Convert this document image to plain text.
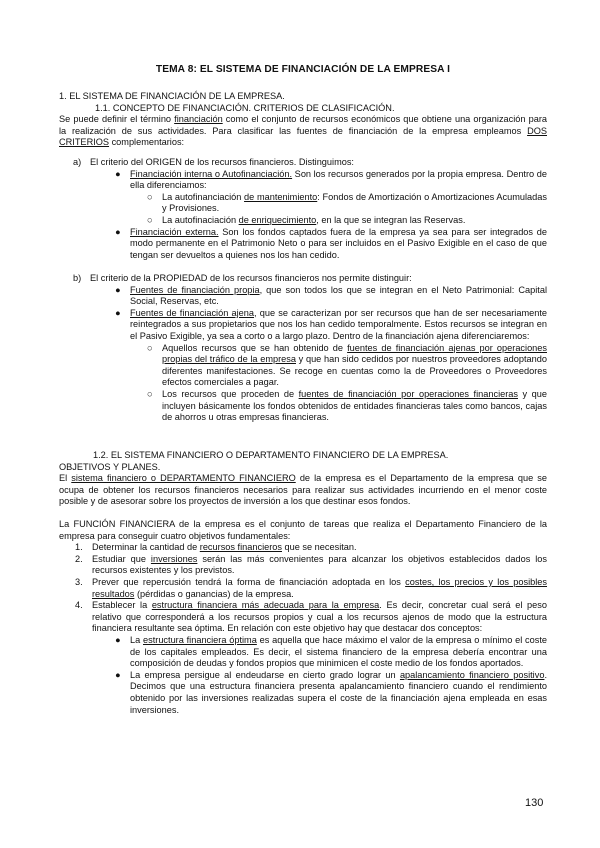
TEMA 8: EL SISTEMA DE FINANCIACIÓN DE LA EMPRESA I

1. EL SISTEMA DE FINANCIACIÓN DE LA EMPRESA.

1.1. CONCEPTO DE FINANCIACIÓN. CRITERIOS DE CLASIFICACIÓN.

Se puede definir el término financiación como el conjunto de recursos económicos que obtiene una organización para la realización de sus actividades. Para clasificar las fuentes de financiación de la empresa empleamos DOS CRITERIOS complementarios:

a) El criterio del ORIGEN de los recursos financieros. Distinguimos:
●	Financiación interna o Autofinanciación. Son los recursos generados por la propia empresa. Dentro de ella diferenciamos:
○	La autofinanciación de mantenimiento: Fondos de Amortización o Amortizaciones Acumuladas y Provisiones.
○	La autofinaciación de enriquecimiento, en la que se integran las Reservas.
●	Financiación externa. Son los fondos captados fuera de la empresa ya sea para ser integrados de modo permanente en el Patrimonio Neto o para ser incluidos en el Pasivo Exigible en el caso de que tengan ser devueltos a quienes nos los han cedido.
b) El criterio de la PROPIEDAD de los recursos financieros nos permite distinguir:
●	Fuentes de financiación propia, que son todos los que se integran en el Neto Patrimonial: Capital Social, Reservas, etc.
●	Fuentes de financiación ajena, que se caracterizan por ser recursos que han de ser necesariamente reintegrados a sus propietarios que nos los han cedido temporalmente. Estos recursos se integran en el Pasivo Exigible, ya sea a corto o a largo plazo. Dentro de la financiación ajena diferenciaremos:
○	Aquellos recursos que se han obtenido de fuentes de financiación ajenas por operaciones propias del tráfico de la empresa y que han sido cedidos por nuestros proveedores adoptando diferentes manifestaciones. Se recoge en cuentas como la de Proveedores o Proveedores efectos comerciales a pagar.
○	Los recursos que proceden de fuentes de financiación por operaciones financieras y que incluyen básicamente los fondos obtenidos de entidades financieras tales como bancos, cajas de ahorros u otras empresas financieras.

1.2. EL SISTEMA FINANCIERO O DEPARTAMENTO FINANCIERO DE LA EMPRESA.

OBJETIVOS Y PLANES.

El sistema financiero o DEPARTAMENTO FINANCIERO de la empresa es el Departamento de la empresa que se ocupa de obtener los recursos financieros necesarios para realizar sus actividades incurriendo en el menor coste posible y de asesorar sobre los proyectos de inversión a los que destinar esos fondos.

La FUNCIÓN FINANCIERA de la empresa es el conjunto de tareas que realiza el Departamento Financiero de la empresa para conseguir cuatro objetivos fundamentales:

1.	Determinar la cantidad de recursos financieros que se necesitan.
2.	Estudiar que inversiones serán las más convenientes para alcanzar los objetivos establecidos dados los recursos existentes y los previstos.
3.	Prever que repercusión tendrá la forma de financiación adoptada en los costes, los precios y los posibles resultados (pérdidas o ganancias) de la empresa.
4.	Establecer la estructura financiera más adecuada para la empresa. Es decir, concretar cual será el peso relativo que corresponderá a los recursos propios y cual a los recursos ajenos de modo que la estructura financiera resultante sea óptima. En relación con este objetivo hay que destacar dos conceptos:
●	La estructura financiera óptima es aquella que hace máximo el valor de la empresa o mínimo el coste de los capitales empleados. Es decir, el sistema financiero de la empresa debería encontrar una composición de deudas y fondos propios que minimicen el coste medio de los fondos aportados.
●	La empresa persigue al endeudarse en cierto grado lograr un apalancamiento financiero positivo. Decimos que una estructura financiera presenta apalancamiento financiero cuando el rendimiento obtenido por las inversiones realizadas supera el coste de la financiación ajena empleada en esas inversiones.
130
